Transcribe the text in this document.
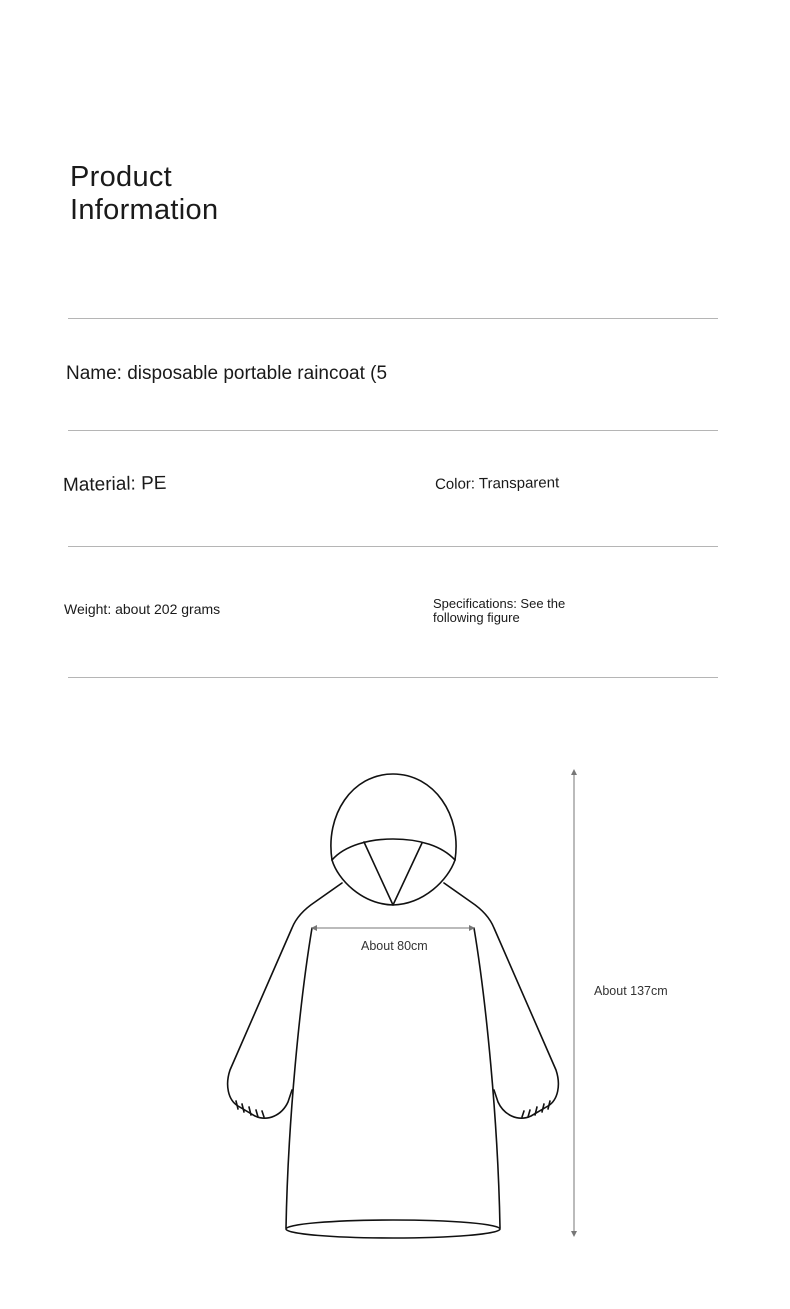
Product
Information
Name: disposable portable raincoat (5
Material: PE	Color: Transparent
Weight: about 202 grams	Specifications: See the
following figure
About 80cm
About 137cm
